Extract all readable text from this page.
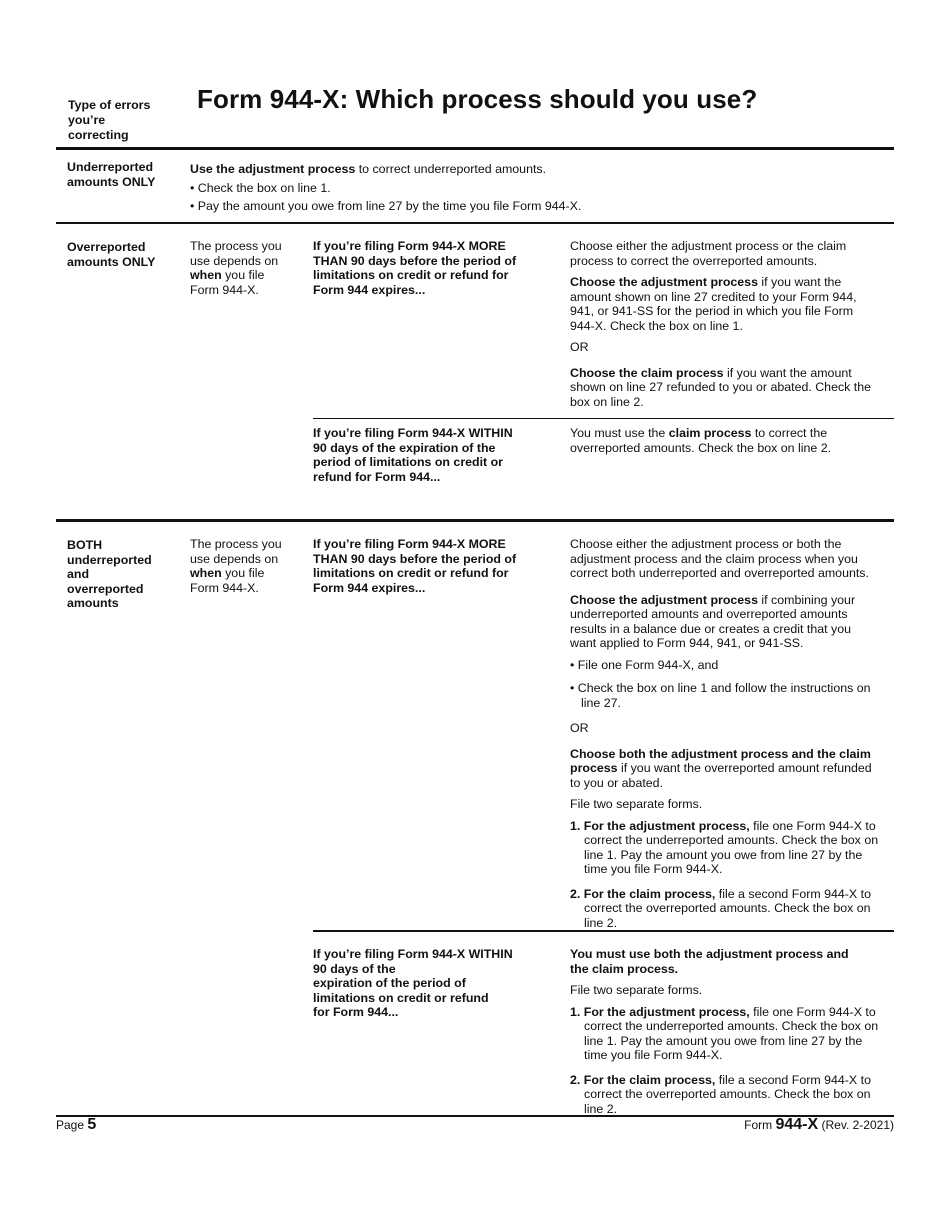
Type of errors you’re correcting
Form 944-X: Which process should you use?
Underreported amounts ONLY
Use the adjustment process to correct underreported amounts.
• Check the box on line 1.
• Pay the amount you owe from line 27 by the time you file Form 944-X.
Overreported amounts ONLY
The process you use depends on when you file Form 944-X.
If you’re filing Form 944-X MORE THAN 90 days before the period of limitations on credit or refund for Form 944 expires...

Choose either the adjustment process or the claim process to correct the overreported amounts.

Choose the adjustment process if you want the amount shown on line 27 credited to your Form 944, 941, or 941-SS for the period in which you file Form 944-X. Check the box on line 1.

OR

Choose the claim process if you want the amount shown on line 27 refunded to you or abated. Check the box on line 2.

If you’re filing Form 944-X WITHIN 90 days of the expiration of the period of limitations on credit or refund for Form 944...

You must use the claim process to correct the overreported amounts. Check the box on line 2.

BOTH underreported and overreported amounts
The process you use depends on when you file Form 944-X.
If you’re filing Form 944-X MORE THAN 90 days before the period of limitations on credit or refund for Form 944 expires...

Choose either the adjustment process or both the adjustment process and the claim process when you correct both underreported and overreported amounts.

Choose the adjustment process if combining your underreported amounts and overreported amounts results in a balance due or creates a credit that you want applied to Form 944, 941, or 941-SS.

• File one Form 944-X, and

• Check the box on line 1 and follow the instructions on line 27.

OR

Choose both the adjustment process and the claim process if you want the overreported amount refunded to you or abated.

File two separate forms.

1. For the adjustment process, file one Form 944-X to correct the underreported amounts. Check the box on line 1. Pay the amount you owe from line 27 by the time you file Form 944-X.

2. For the claim process, file a second Form 944-X to correct the overreported amounts. Check the box on line 2.

If you’re filing Form 944-X WITHIN 90 days of the

expiration of the period of limitations on credit or refund

for Form 944...

You must use both the adjustment process and the claim process.

File two separate forms.

1. For the adjustment process, file one Form 944-X to correct the underreported amounts. Check the box on line 1. Pay the amount you owe from line 27 by the time you file Form 944-X.

2. For the claim process, file a second Form 944-X to correct the overreported amounts. Check the box on line 2.

Page 5	Form 944-X (Rev. 2-2021)
